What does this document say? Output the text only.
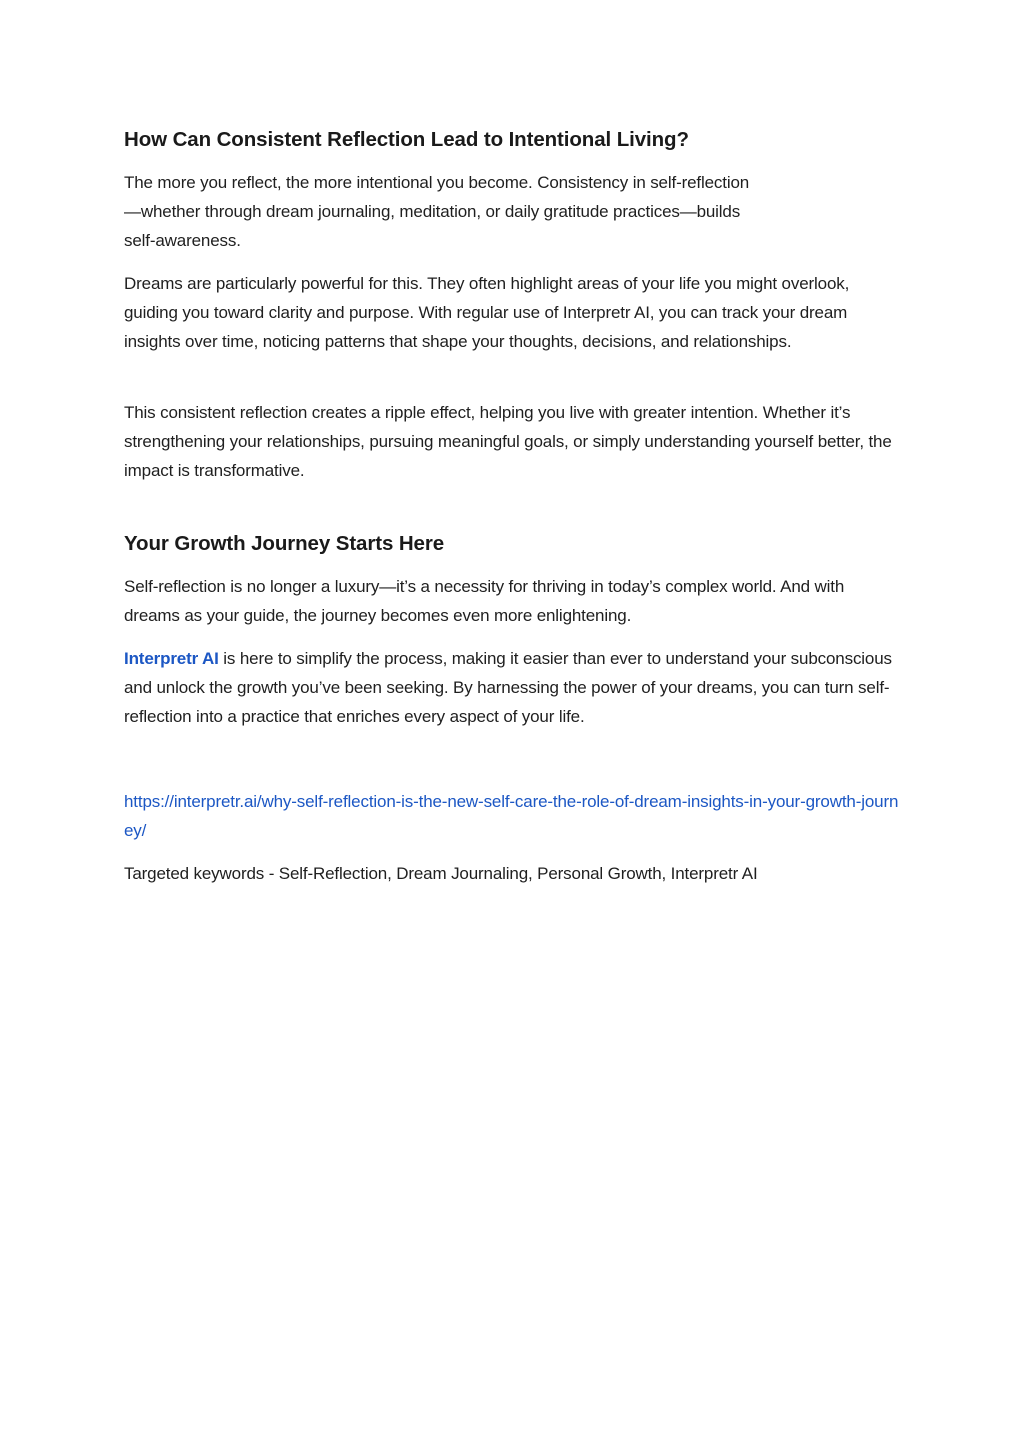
How Can Consistent Reflection Lead to Intentional Living?

The more you reflect, the more intentional you become. Consistency in self-reflection—whether through dream journaling, meditation, or daily gratitude practices—builds self-awareness.

Dreams are particularly powerful for this. They often highlight areas of your life you might overlook, guiding you toward clarity and purpose. With regular use of Interpretr AI, you can track your dream insights over time, noticing patterns that shape your thoughts, decisions, and relationships.

This consistent reflection creates a ripple effect, helping you live with greater intention. Whether it’s strengthening your relationships, pursuing meaningful goals, or simply understanding yourself better, the impact is transformative.

Your Growth Journey Starts Here

Self-reflection is no longer a luxury—it’s a necessity for thriving in today’s complex world. And with dreams as your guide, the journey becomes even more enlightening.

Interpretr AI is here to simplify the process, making it easier than ever to understand your subconscious and unlock the growth you’ve been seeking. By harnessing the power of your dreams, you can turn self-reflection into a practice that enriches every aspect of your life.

https://interpretr.ai/why-self-reflection-is-the-new-self-care-the-role-of-dream-insights-in-your-growth-journey/

Targeted keywords - Self-Reflection, Dream Journaling, Personal Growth, Interpretr AI
